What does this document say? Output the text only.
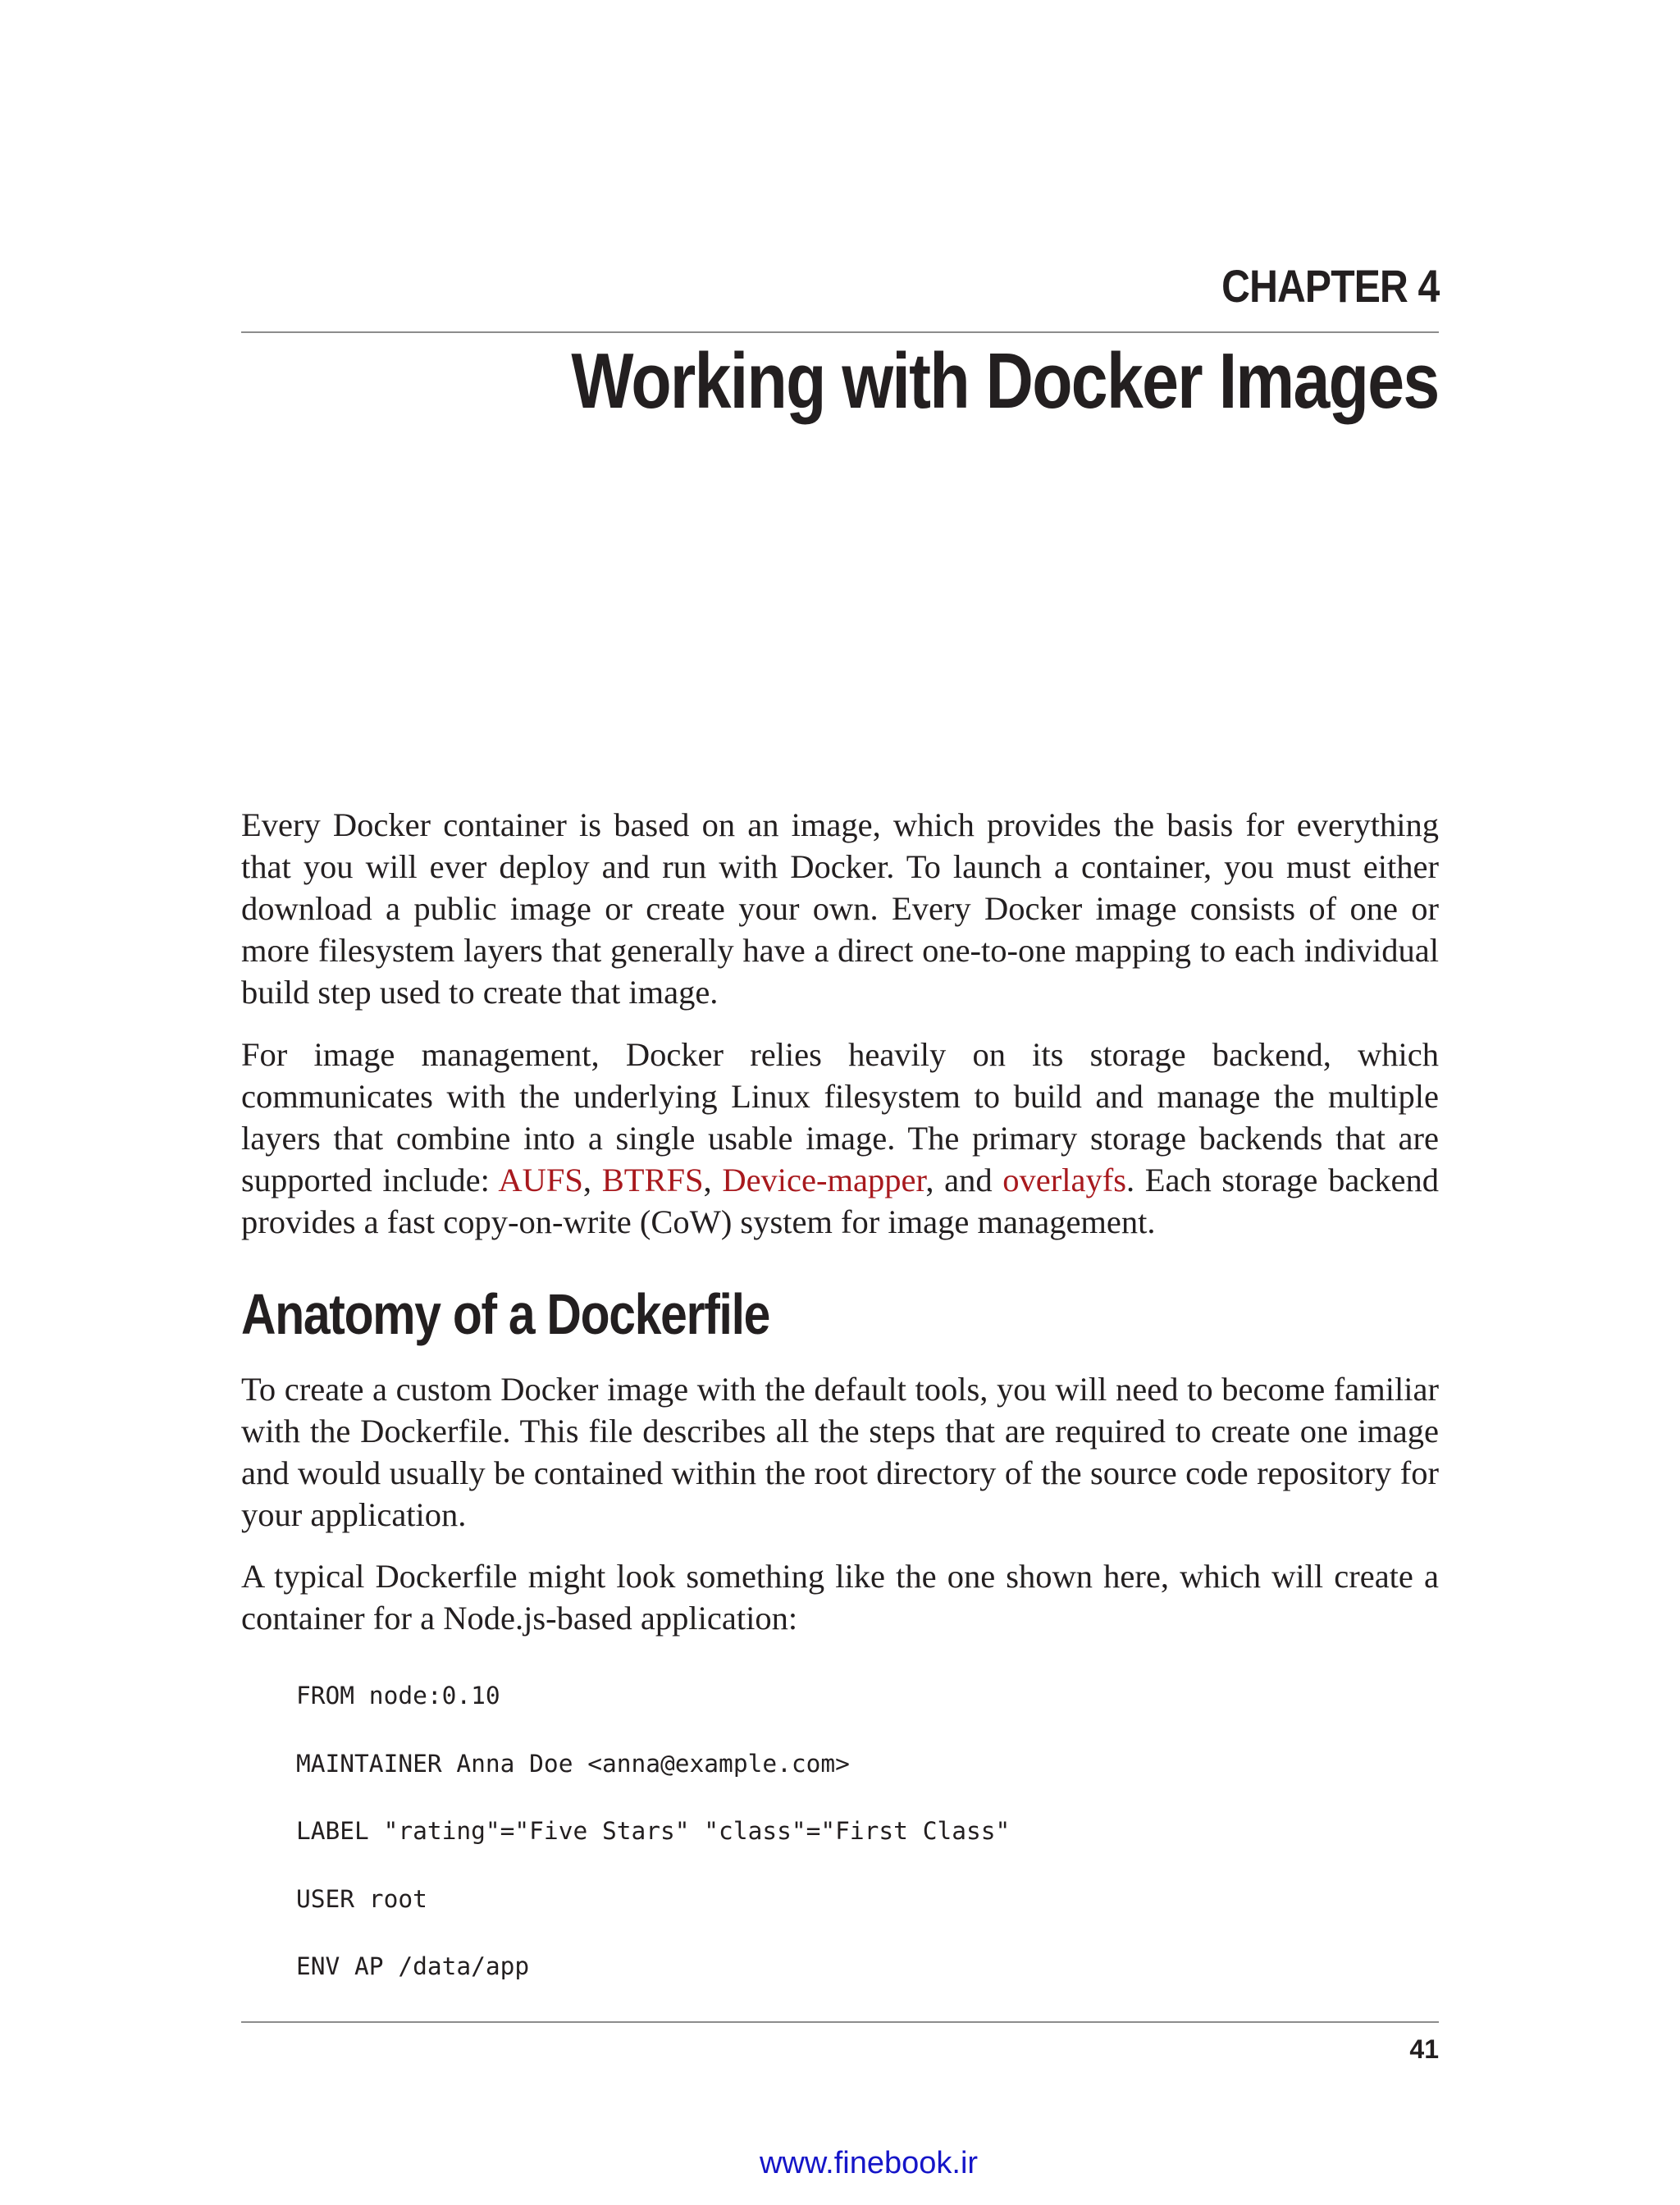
CHAPTER 4
Working with Docker Images

Every Docker container is based on an image, which provides the basis for everything that you will ever deploy and run with Docker. To launch a container, you must either download a public image or create your own. Every Docker image consists of one or more filesystem layers that generally have a direct one-to-one mapping to each individual build step used to create that image.

For image management, Docker relies heavily on its storage backend, which communicates with the underlying Linux filesystem to build and manage the multiple layers that combine into a single usable image. The primary storage backends that are supported include: AUFS, BTRFS, Device-mapper, and overlayfs. Each storage backend provides a fast copy-on-write (CoW) system for image management.

Anatomy of a Dockerfile

To create a custom Docker image with the default tools, you will need to become familiar with the Dockerfile. This file describes all the steps that are required to create one image and would usually be contained within the root directory of the source code repository for your application.

A typical Dockerfile might look something like the one shown here, which will create a container for a Node.js-based application:

FROM node:0.10
MAINTAINER Anna Doe <anna@example.com>
LABEL "rating"="Five Stars" "class"="First Class"
USER root
ENV AP /data/app
41
www.finebook.ir
